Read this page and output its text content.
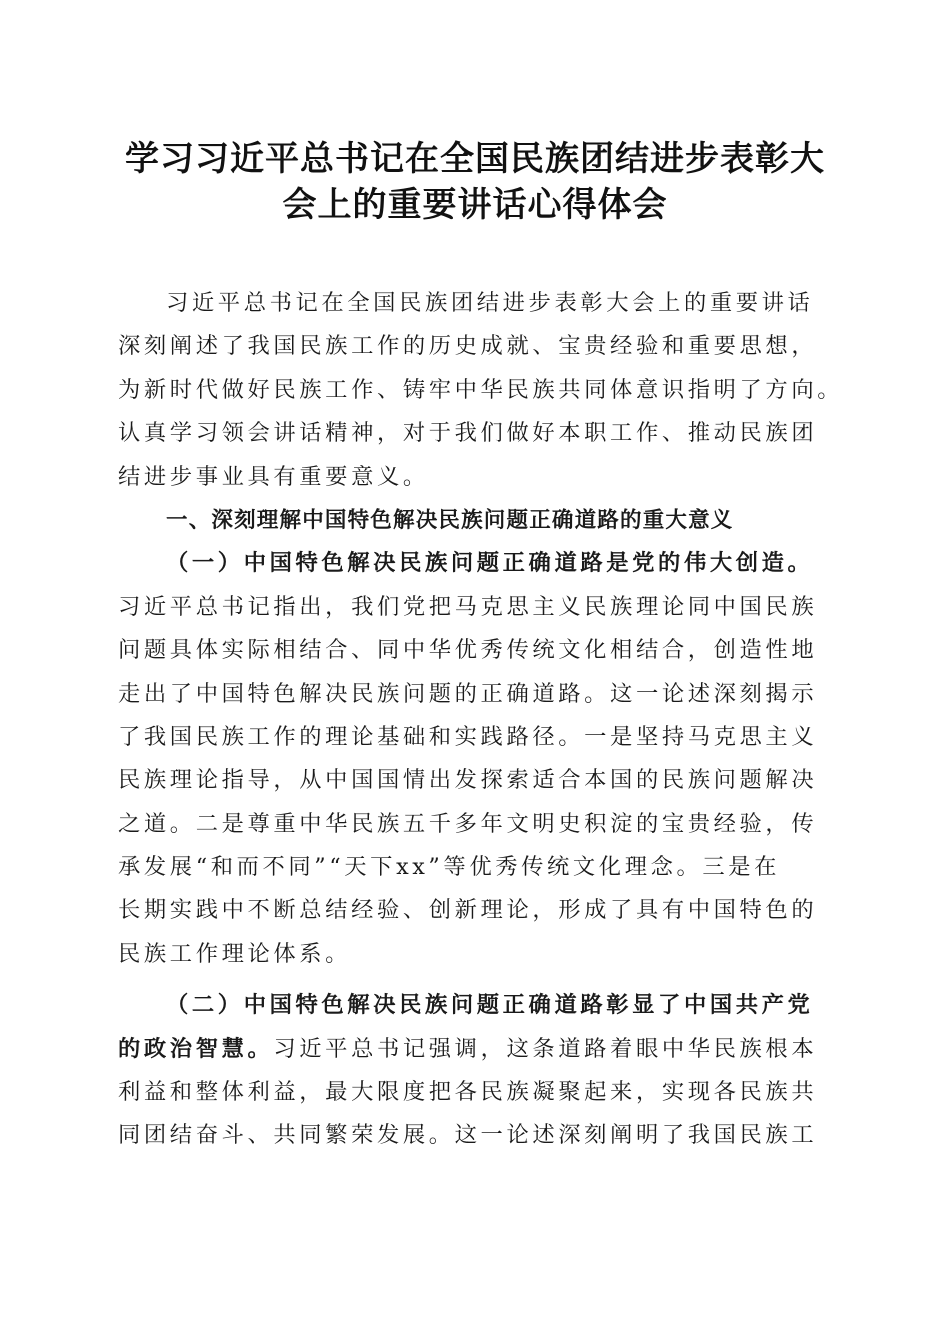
学习习近平总书记在全国民族团结进步表彰大
会上的重要讲话心得体会
习近平总书记在全国民族团结进步表彰大会上的重要讲话
深刻阐述了我国民族工作的历史成就、宝贵经验和重要思想，
为新时代做好民族工作、铸牢中华民族共同体意识指明了方向。
认真学习领会讲话精神，对于我们做好本职工作、推动民族团
结进步事业具有重要意义。
一、深刻理解中国特色解决民族问题正确道路的重大意义
（一）中国特色解决民族问题正确道路是党的伟大创造。
习近平总书记指出，我们党把马克思主义民族理论同中国民族
问题具体实际相结合、同中华优秀传统文化相结合，创造性地
走出了中国特色解决民族问题的正确道路。这一论述深刻揭示
了我国民族工作的理论基础和实践路径。一是坚持马克思主义
民族理论指导，从中国国情出发探索适合本国的民族问题解决
之道。二是尊重中华民族五千多年文明史积淀的宝贵经验，传
承发展“和而不同”“天下xx”等优秀传统文化理念。三是在
长期实践中不断总结经验、创新理论，形成了具有中国特色的
民族工作理论体系。
（二）中国特色解决民族问题正确道路彰显了中国共产党
的政治智慧。习近平总书记强调，这条道路着眼中华民族根本
利益和整体利益，最大限度把各民族凝聚起来，实现各民族共
同团结奋斗、共同繁荣发展。这一论述深刻阐明了我国民族工
